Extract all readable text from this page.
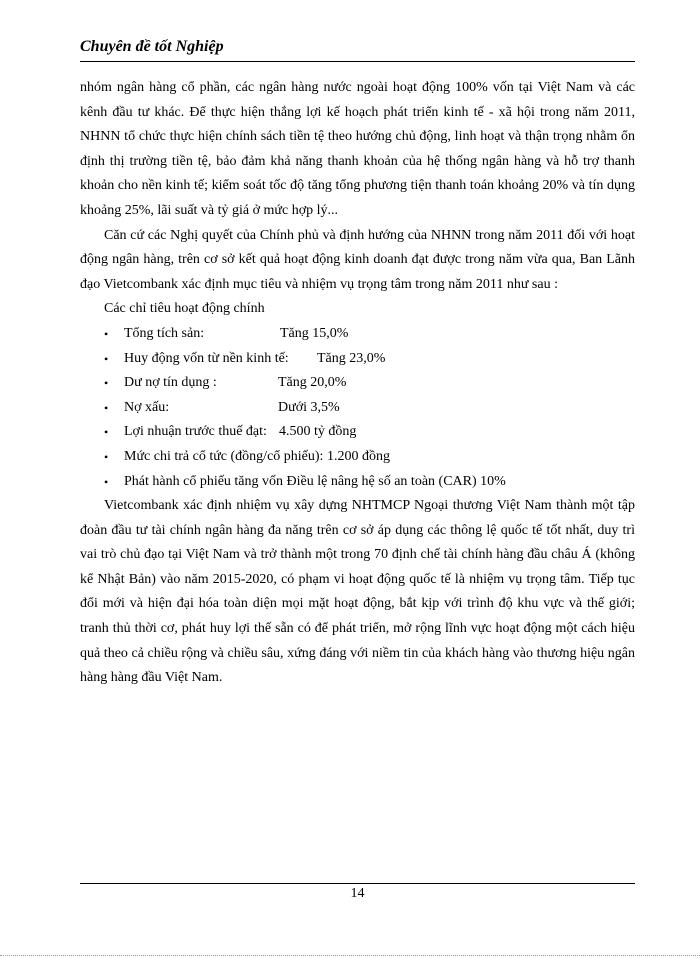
Chuyên đề tốt Nghiệp

nhóm ngân hàng cổ phần, các ngân hàng nước ngoài hoạt động 100% vốn tại Việt Nam và các kênh đầu tư khác. Để thực hiện thắng lợi kế hoạch phát triển kinh tế - xã hội trong năm 2011, NHNN tổ chức thực hiện chính sách tiền tệ theo hướng chủ động, linh hoạt và thận trọng nhằm ổn định thị trường tiền tệ, bảo đảm khả năng thanh khoản của hệ thống ngân hàng và hỗ trợ thanh khoản cho nền kinh tế; kiểm soát tốc độ tăng tổng phương tiện thanh toán khoảng 20% và tín dụng khoảng 25%, lãi suất và tỷ giá ở mức hợp lý...

Căn cứ các Nghị quyết của Chính phủ và định hướng của NHNN trong năm 2011 đối với hoạt động ngân hàng, trên cơ sở kết quả hoạt động kinh doanh đạt được trong năm vừa qua, Ban Lãnh đạo Vietcombank xác định mục tiêu và nhiệm vụ trọng tâm trong năm 2011 như sau :

Các chỉ tiêu hoạt động chính
• Tổng tích sản:	Tăng 15,0%
• Huy động vốn từ nền kinh tế: Tăng 23,0%
• Dư nợ tín dụng :	Tăng 20,0%
• Nợ xấu:	Dưới 3,5%
• Lợi nhuận trước thuế đạt: 4.500 tỷ đồng
• Mức chi trả cổ tức (đồng/cổ phiếu): 1.200 đồng
• Phát hành cổ phiếu tăng vốn Điều lệ nâng hệ số an toàn (CAR) 10%

Vietcombank xác định nhiệm vụ xây dựng NHTMCP Ngoại thương Việt Nam thành một tập đoàn đầu tư tài chính ngân hàng đa năng trên cơ sở áp dụng các thông lệ quốc tế tốt nhất, duy trì vai trò chủ đạo tại Việt Nam và trở thành một trong 70 định chế tài chính hàng đầu châu Á (không kể Nhật Bản) vào năm 2015-2020, có phạm vi hoạt động quốc tế là nhiệm vụ trọng tâm. Tiếp tục đổi mới và hiện đại hóa toàn diện mọi mặt hoạt động, bắt kịp với trình độ khu vực và thế giới; tranh thủ thời cơ, phát huy lợi thế sẵn có để phát triển, mở rộng lĩnh vực hoạt động một cách hiệu quả theo cả chiều rộng và chiều sâu, xứng đáng với niềm tin của khách hàng vào thương hiệu ngân hàng hàng đầu Việt Nam.

14
